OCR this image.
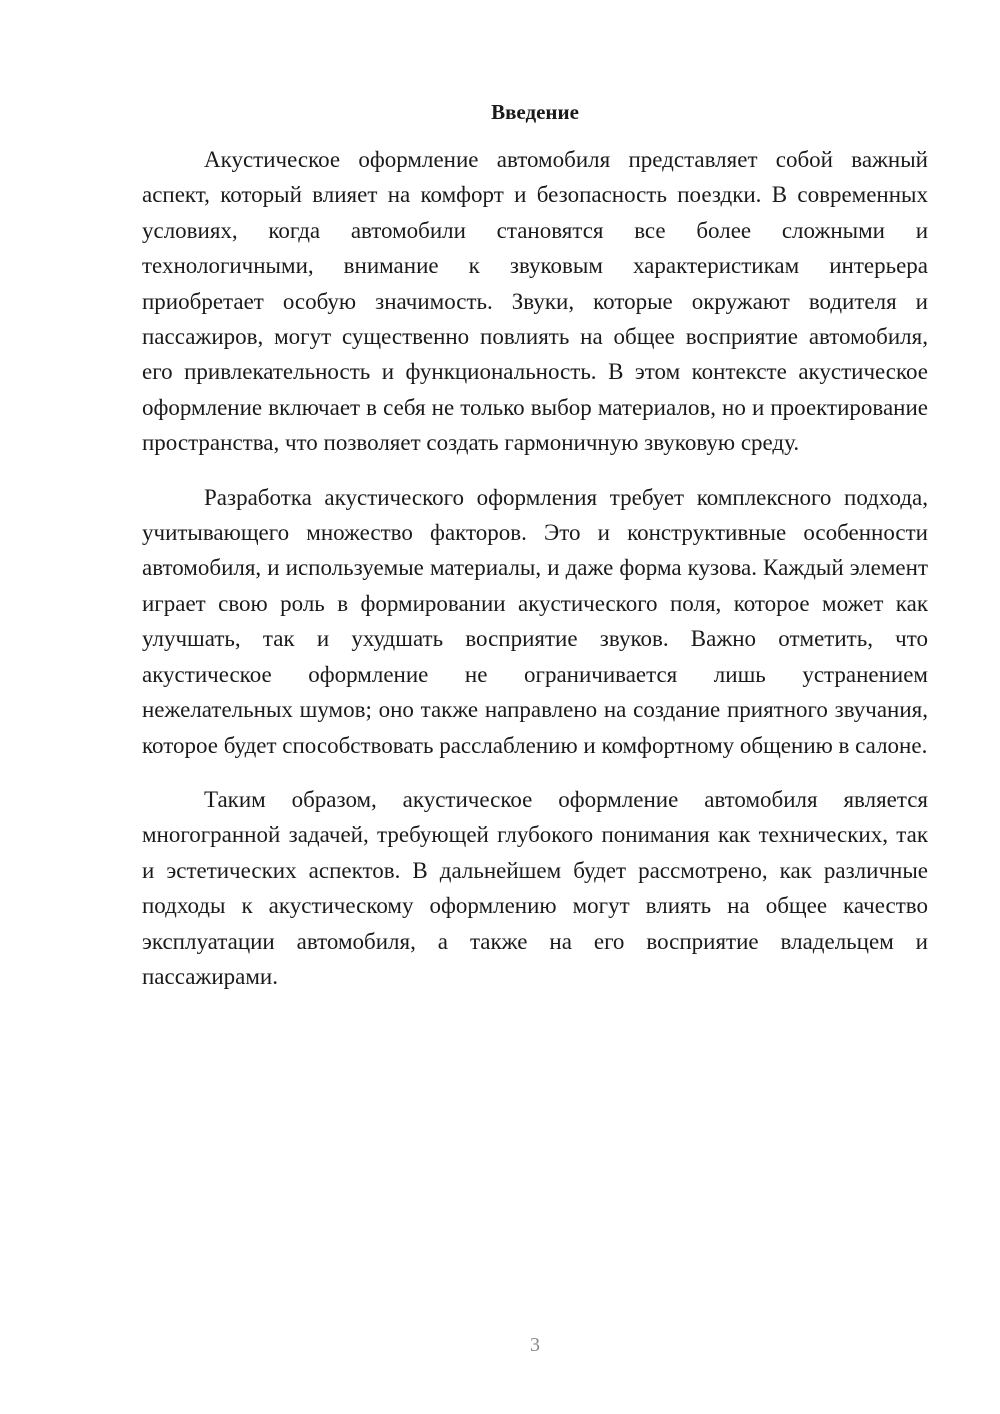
Введение

Акустическое оформление автомобиля представляет собой важный аспект, который влияет на комфорт и безопасность поездки. В современных условиях, когда автомобили становятся все более сложными и технологичными, внимание к звуковым характеристикам интерьера приобретает особую значимость. Звуки, которые окружают водителя и пассажиров, могут существенно повлиять на общее восприятие автомобиля, его привлекательность и функциональность. В этом контексте акустическое оформление включает в себя не только выбор материалов, но и проектирование пространства, что позволяет создать гармоничную звуковую среду.

Разработка акустического оформления требует комплексного подхода, учитывающего множество факторов. Это и конструктивные особенности автомобиля, и используемые материалы, и даже форма кузова. Каждый элемент играет свою роль в формировании акустического поля, которое может как улучшать, так и ухудшать восприятие звуков. Важно отметить, что акустическое оформление не ограничивается лишь устранением нежелательных шумов; оно также направлено на создание приятного звучания, которое будет способствовать расслаблению и комфортному общению в салоне.

Таким образом, акустическое оформление автомобиля является многогранной задачей, требующей глубокого понимания как технических, так и эстетических аспектов. В дальнейшем будет рассмотрено, как различные подходы к акустическому оформлению могут влиять на общее качество эксплуатации автомобиля, а также на его восприятие владельцем и пассажирами.

3
